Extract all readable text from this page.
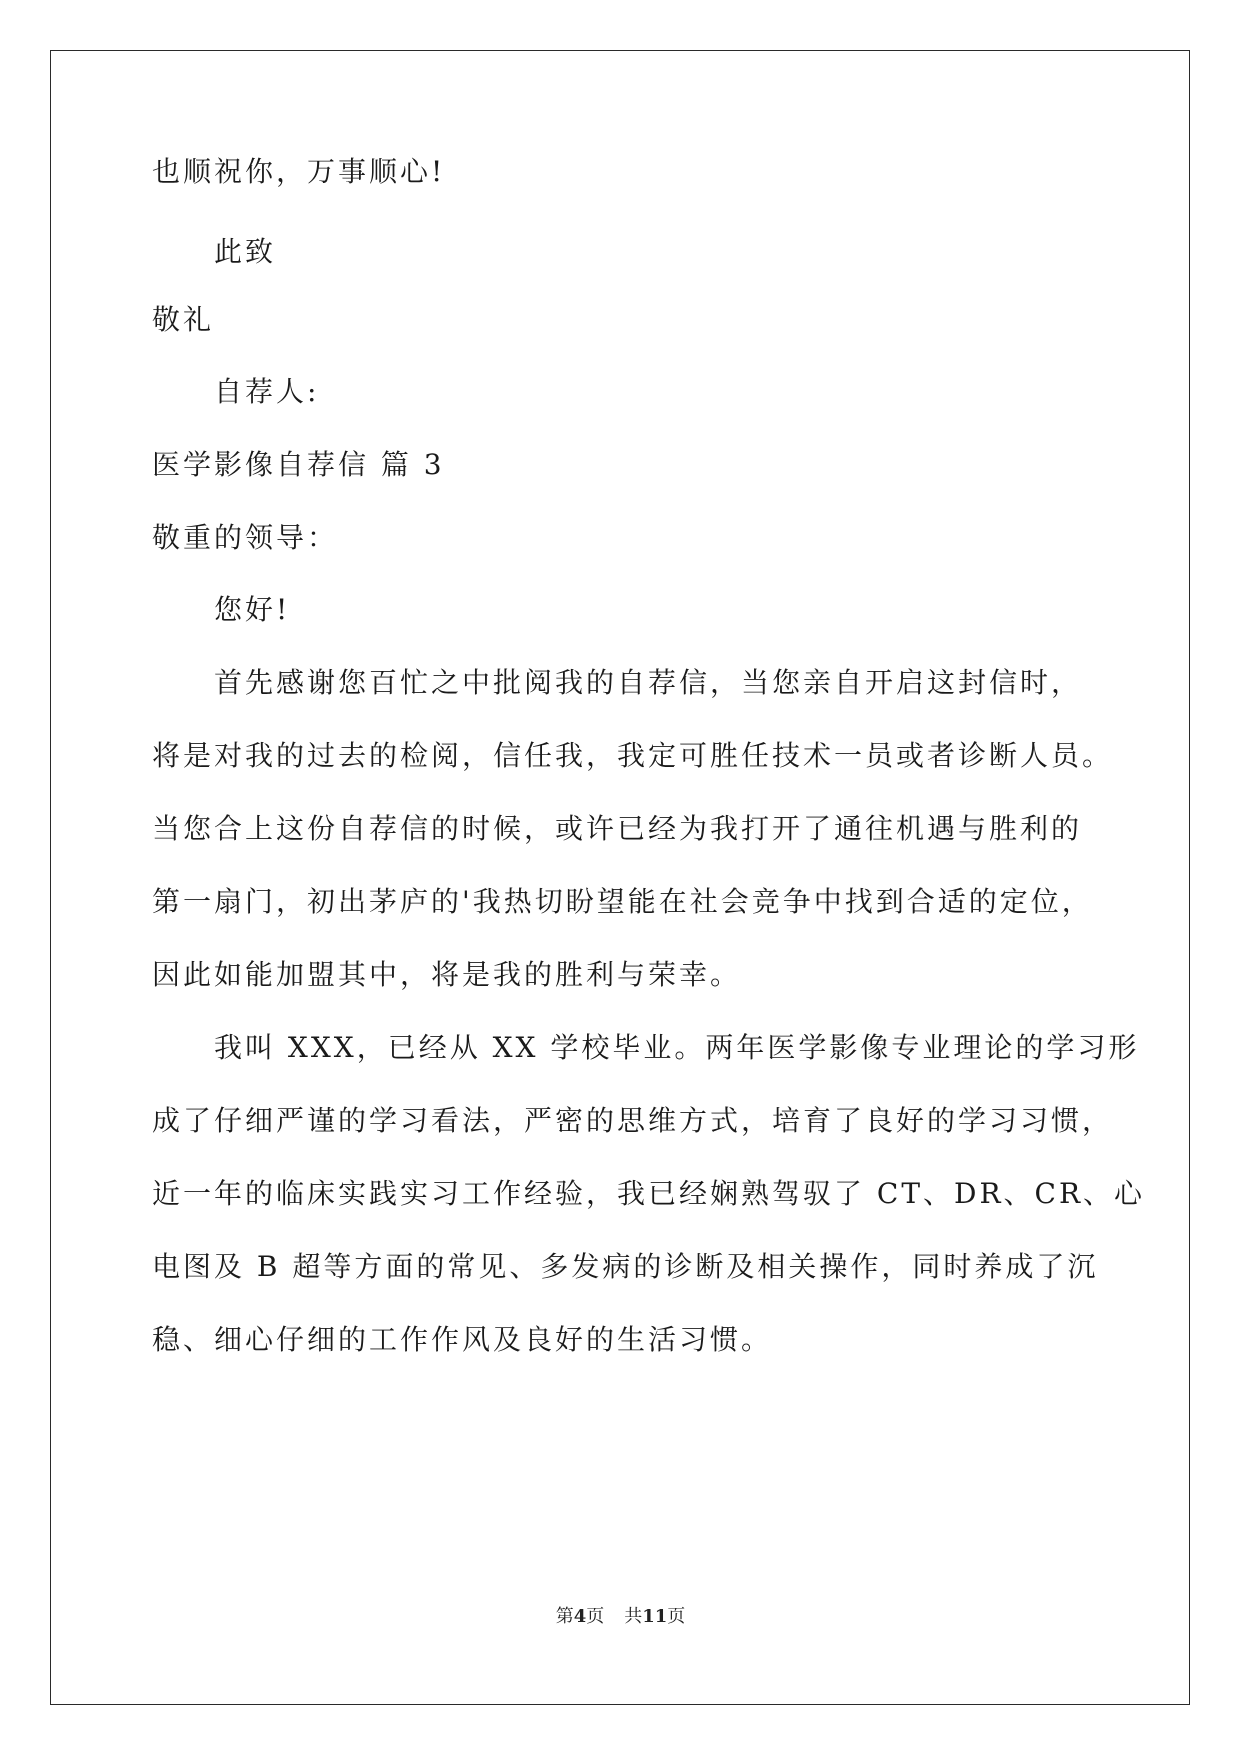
也顺祝你，万事顺心!
此致
敬礼
自荐人:
医学影像自荐信 篇 3
敬重的领导：
您好!
首先感谢您百忙之中批阅我的自荐信，当您亲自开启这封信时，
将是对我的过去的检阅，信任我，我定可胜任技术一员或者诊断人员。
当您合上这份自荐信的时候，或许已经为我打开了通往机遇与胜利的
第一扇门，初出茅庐的'我热切盼望能在社会竞争中找到合适的定位，
因此如能加盟其中，将是我的胜利与荣幸。
我叫 XXX，已经从 XX 学校毕业。两年医学影像专业理论的学习形
成了仔细严谨的学习看法，严密的思维方式，培育了良好的学习习惯，
近一年的临床实践实习工作经验，我已经娴熟驾驭了 CT、DR、CR、心
电图及 B 超等方面的常见、多发病的诊断及相关操作，同时养成了沉
稳、细心仔细的工作作风及良好的生活习惯。
第4页 共11页
